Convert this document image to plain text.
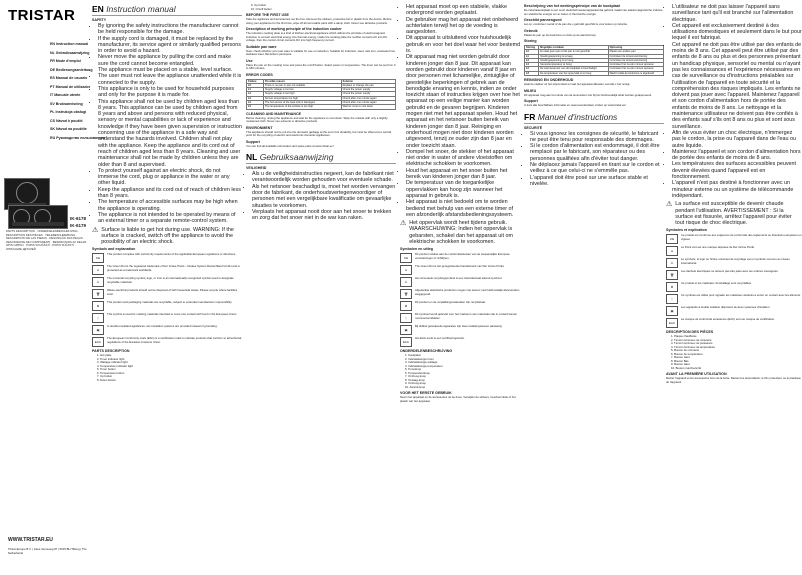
TRISTAR
EN Instruction manual
NL Gebruiksaanwijzing
FR Mode d'emploi
DE Bedienungsanleitung
ES Manual de usuario
PT Manual de utilizador
IT Manuale utente
SV Bruksanvisning
PL Instrukcja obsługi
CS Návod k použití
SK Návod na použitie
RU Руководство пользователя
IK-6178
IK-6179
PARTS DESCRIPTION · ONDERDELENBESCHRIJVING · DESCRIPTION DES PIÈCES · TEILEBESCHREIBUNG · DESCRIPCIÓN DE LAS PIEZAS · DESCRIÇÃO DAS PEÇAS · DESCRIZIONE DEI COMPONENTI · BESKRIVNING AV DELAR · OPIS CZĘŚCI · POPIS SOUČÁSTÍ · POPIS SÚČASTÍ · ОПИСАНИЕ ДЕТАЛЕЙ
WWW.TRISTAR.EU
Tristar Europe B.V. | Jules Verneweg 87 | 5015 BH Tilburg | The Netherlands
EN Instruction manual
SAFETY
• By ignoring the safety instructions the manufacturer cannot be held responsible for the damage.
• If the supply cord is damaged, it must be replaced by the manufacturer, its service agent or similarly qualified persons in order to avoid a hazard.
• Never move the appliance by pulling the cord and make sure the cord cannot become entangled.
• The appliance must be placed on a stable, level surface.
• The user must not leave the appliance unattended while it is connected to the supply.
• This appliance is only to be used for household purposes and only for the purpose it is made for.
• This appliance shall not be used by children aged less than 8 years. This appliance can be used by children aged from 8 years and above and persons with reduced physical, sensory or mental capabilities or lack of experience and knowledge if they have been given supervision or instruction concerning use of the appliance in a safe way and understand the hazards involved. Children shall not play with the appliance. Keep the appliance and its cord out of reach of children aged less than 8 years. Cleaning and user maintenance shall not be made by children unless they are older than 8 and supervised.
• To protect yourself against an electric shock, do not immerse the cord, plug or appliance in the water or any other liquid.
• Keep the appliance and its cord out of reach of children less than 8 years.
• The temperature of accessible surfaces may be high when the appliance is operating.
• The appliance is not intended to be operated by means of an external timer or a separate remote-control system.
⚠ Surface is liable to get hot during use. WARNING: If the surface is cracked, switch off the appliance to avoid the possibility of an electric shock.
Symbols and explanation
CE
This product complies with conformity requirements of the applicable European regulations or directives.
●
The Green Dot is the registered trademark of Der Grüne Punkt – Duales System Deutschland GmbH and is protected as a trademark worldwide.
♺
The universal recycling symbol, logo, or icon is an internationally recognized symbol used to designate recyclable materials.
🗑
Waste electrical products should not be disposed of with household waste. Please recycle where facilities exist.
♻
This product and packaging materials are recyclable, subject to extended manufacturer responsibility.
🍴
This symbol is used for marking materials intended to come into contact with food in the European Union.
▣
In double-insulated appliances, two insulation systems are provided instead of grounding.
EAC
The European Conformity mark (EAC) is a certification mark to indicate products that conform to all technical regulations of the Eurasian Customs Union.
PARTS DESCRIPTION
1. Hot plate
2. Timer indicator light
3. Wattage indicator light
4. Temperature indicator light
5. Timer button
6. Temperature button
7. Up button
8. Down button
9. Up button
10. On/off button
BEFORE THE FIRST USE

Take the appliance and accessories out the box. Remove the stickers, protective foil or plastic from the device. Before using your appliance for the first time, wipe off all removable parts with a damp cloth. Never use abrasive products.

Description of working principle of the induction cooker

The induction cooking plate is a kind of kitchen electrical appliance which utilizes the principle of electromagnetic induction to convert electrical energy into thermal energy, inside the cooking plate the rectifier converts AC into DC voltage, then the control circuit converts DC into high frequency current.

Suitable pan ware

Note: check whether your pan ware is suitable for use on induction. Suitable for induction: steel, cast iron, enameled iron, stainless steel, flat-bottom pans/pots.

Use

Place the pan on the cooking zone and press the on/off button. Select power or temperature. The timer can be set from 0 to 180 minutes.

ERROR CODES
Failure	Possible reason	Solution
E0	There is no pan or pan not suitable	Replace or change the pan
E1	Supply voltage is too low	Check the power supply
E2	Supply voltage is too high	Check the power supply
E3	Sensor temperature too high	Check after one minute again
E4	The hot sensor of the heat sink is damaged	Check after one minute again
E5	The temperature of the surface is too high	Wait for zone to cool down
CLEANING AND MAINTENANCE

Before cleaning, unplug the appliance and wait for the appliance to cool down. Wipe the outside with only a slightly moistened cloth. Never use solvents or abrasive products.

ENVIRONMENT

This appliance should not be put into the domestic garbage at the end of its durability, but must be offered at a central point for the recycling of electric and electronic domestic appliances.

Support

You can find all available information and spare parts at www.tristar.eu!

NL Gebruiksaanwijzing
VEILIGHEID
• Als u de veiligheidsinstructies negeert, kan de fabrikant niet verantwoordelijk worden gehouden voor eventuele schade.
• Als het netsnoer beschadigd is, moet het worden vervangen door de fabrikant, de onderhoudsvertegenwoordiger of personen met een vergelijkbare kwalificatie om gevaarlijke situaties te voorkomen.
• Verplaats het apparaat nooit door aan het snoer te trekken en zorg dat het snoer niet in de war kan raken.
• Het apparaat moet op een stabiele, vlakke ondergrond worden geplaatst.
• De gebruiker mag het apparaat niet onbeheerd achterlaten terwijl het op de voeding is aangesloten.
• Dit apparaat is uitsluitend voor huishoudelijk gebruik en voor het doel waar het voor bestemd is.
• Dit apparaat mag niet worden gebruikt door kinderen jonger dan 8 jaar. Dit apparaat kan worden gebruikt door kinderen vanaf 8 jaar en door personen met lichamelijke, zintuiglijke of geestelijke beperkingen of gebrek aan de benodigde ervaring en kennis, indien ze onder toezicht staan of instructies krijgen over hoe het apparaat op een veilige manier kan worden gebruikt en de gevaren begrijpen. Kinderen mogen niet met het apparaat spelen. Houd het apparaat en het netsnoer buiten bereik van kinderen jonger dan 8 jaar. Reiniging en onderhoud mogen niet door kinderen worden uitgevoerd, tenzij ze ouder zijn dan 8 jaar en onder toezicht staan.
• Dompel het snoer, de stekker of het apparaat niet onder in water of andere vloeistoffen om elektrische schokken te voorkomen.
• Houd het apparaat en het snoer buiten het bereik van kinderen jonger dan 8 jaar.
• De temperatuur van de toegankelijke oppervlakken kan hoog zijn wanneer het apparaat in gebruik is.
• Het apparaat is niet bedoeld om te worden bediend met behulp van een externe timer of een afzonderlijk afstandsbedieningssysteem.
⚠ Het oppervlak wordt heet tijdens gebruik. WAARSCHUWING: Indien het oppervlak is gebarsten, schakel dan het apparaat uit om elektrische schokken te voorkomen.
Symbolen en uitleg
CE
Dit product voldoet aan de conformiteitseisen van de toepasselijke Europese verordeningen of richtlijnen.
●
The Green Dot is het geregistreerde handelsmerk van Der Grüne Punkt.
♺
Het universele recyclingsymbool is een internationaal erkend symbool.
🗑
Afgedankte elektrische producten mogen niet samen met huishoudelijk afval worden weggegooid.
♻
Dit product en de verpakkingsmaterialen zijn recyclebaar.
🍴
Dit symbool wordt gebruikt voor het markeren van materialen die in contact komen met levensmiddelen.
▣
Bij dubbel geïsoleerde apparaten zijn twee isolatiesystemen aanwezig.
EAC
Het EAC-merk is een certificeringsmerk.
ONDERDELENBESCHRIJVING
1. Kookplaat
2. Indicatielampje timer
3. Indicatielampje wattage
4. Indicatielampje temperatuur
5. Timerknop
6. Temperatuurknop
7. Omhoog-knop
8. Omlaag-knop
9. Omhoog-knop
10. Aan/uit-knop
VOOR HET EERSTE GEBRUIK

Neem het apparaat en de accessoires uit de doos. Verwijder de stickers, beschermfolie of het plastic van het apparaat.

Beschrijving van het werkingsprincipe van de kookplaat

De inductiekookplaat is een soort elektrisch keukenapparaat dat gebruik maakt van elektromagnetische inductie om elektrische energie om te zetten in thermische energie.

Geschikt pannengoed

Let op: controleer vooraf of de pan die u gebruikt geschikt is voor koken op inductie.

Gebruik

Plaats de pan op de kookzone en druk op de aan/uit-knop.

Storing
Storing	Mogelijke oorzaken	Oplossing
E0	Er staat geen pan of de pan is niet geschikt	Plaats een andere pan
E1	Voedingsspanning is te laag	Controleer de stroomvoorziening
E2	Voedingsspanning is te hoog	Controleer de stroomvoorziening
E3	Sensortemperatuur te hoog	Controleer het na één minuut opnieuw
E4	De warmtesensor van de koelplaat is beschadigd	Controleer het na één minuut opnieuw
E5	De temperatuur van het oppervlak is te hoog	Wacht totdat de kookzone is afgekoeld
REINIGING EN ONDERHOUD

Haal de stekker uit het stopcontact en laat het apparaat afkoelen voordat u het reinigt.

MILIEU

Dit apparaat mag aan het einde van de levensduur niet bij het huishoudelijk afval worden gedeponeerd.

Support

U kunt alle beschikbare informatie en reserveonderdelen vinden op www.tristar.eu!

FR Manuel d'instructions
SÉCURITÉ
• Si vous ignorez les consignes de sécurité, le fabricant ne peut être tenu pour responsable des dommages.
• Si le cordon d'alimentation est endommagé, il doit être remplacé par le fabricant, son réparateur ou des personnes qualifiées afin d'éviter tout danger.
• Ne déplacez jamais l'appareil en tirant sur le cordon et veillez à ce que celui-ci ne s'emmêle pas.
• L'appareil doit être posé sur une surface stable et nivelée.
• L'utilisateur ne doit pas laisser l'appareil sans surveillance tant qu'il est branché sur l'alimentation électrique.
• Cet appareil est exclusivement destiné à des utilisations domestiques et seulement dans le but pour lequel il est fabriqué.
• Cet appareil ne doit pas être utilisé par des enfants de moins de 8 ans. Cet appareil peut être utilisé par des enfants de 8 ans ou plus et des personnes présentant un handicap physique, sensoriel ou mental ou n'ayant pas les connaissances et l'expérience nécessaires en cas de surveillance ou d'instructions préalables sur l'utilisation de l'appareil en toute sécurité et la compréhension des risques impliqués. Les enfants ne doivent pas jouer avec l'appareil. Maintenez l'appareil et son cordon d'alimentation hors de portée des enfants de moins de 8 ans. Le nettoyage et la maintenance utilisateur ne doivent pas être confiés à des enfants sauf s'ils ont 8 ans ou plus et sont sous surveillance.
• Afin de vous éviter un choc électrique, n'immergez pas le cordon, la prise ou l'appareil dans de l'eau ou autre liquide.
• Maintenez l'appareil et son cordon d'alimentation hors de portée des enfants de moins de 8 ans.
• Les températures des surfaces accessibles peuvent devenir élevées quand l'appareil est en fonctionnement.
• L'appareil n'est pas destiné à fonctionner avec un minuteur externe ou un système de télécommande indépendant.
⚠ La surface est susceptible de devenir chaude pendant l'utilisation. AVERTISSEMENT : Si la surface est fissurée, arrêtez l'appareil pour éviter tout risque de choc électrique.
Symboles et explication
CE
Ce produit est conforme aux exigences de conformité des règlements ou directives européens en vigueur.
●
Le Point vert est une marque déposée de Der Grüne Punkt.
♺
Le symbole, le logo ou l'icône universel de recyclage est un symbole reconnu au niveau international.
🗑
Les déchets électriques ne doivent pas être jetés avec les ordures ménagères.
♻
Ce produit et les matériaux d'emballage sont recyclables.
🍴
Ce symbole est utilisé pour signaler les matériaux destinés à entrer en contact avec les aliments.
▣
Les appareils à double isolation disposent de deux systèmes d'isolation.
EAC
La marque de conformité eurasienne (EAC) est une marque de certification.
DESCRIPTION DES PIÈCES
1. Plaque chauffante
2. Témoin lumineux de minuterie
3. Témoin lumineux de puissance
4. Témoin lumineux de température
5. Bouton de minuterie
6. Bouton de température
7. Bouton Haut
8. Bouton Bas
9. Bouton Haut
10. Bouton marche/arrêt
AVANT LA PREMIÈRE UTILISATION

Retirer l'appareil et les accessoires hors de la boîte. Retirez les autocollants, le film protecteur ou le plastique de l'appareil.
